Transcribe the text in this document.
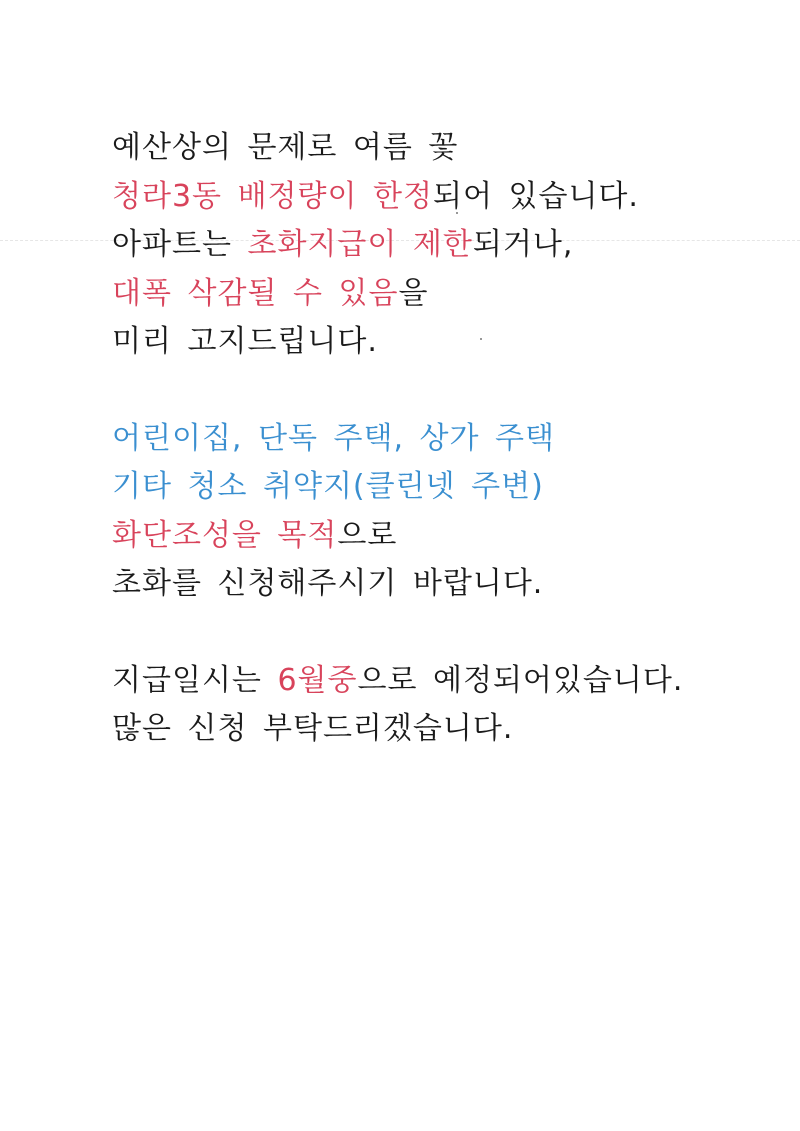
예산상의 문제로 여름 꽃
청라3동 배정량이 한정되어 있습니다.
아파트는 초화지급이 제한되거나,
대폭 삭감될 수 있음을
미리 고지드립니다.
어린이집, 단독 주택, 상가 주택
기타 청소 취약지(클린넷 주변)
화단조성을 목적으로
초화를 신청해주시기 바랍니다.
지급일시는 6월중으로 예정되어있습니다.
많은 신청 부탁드리겠습니다.
